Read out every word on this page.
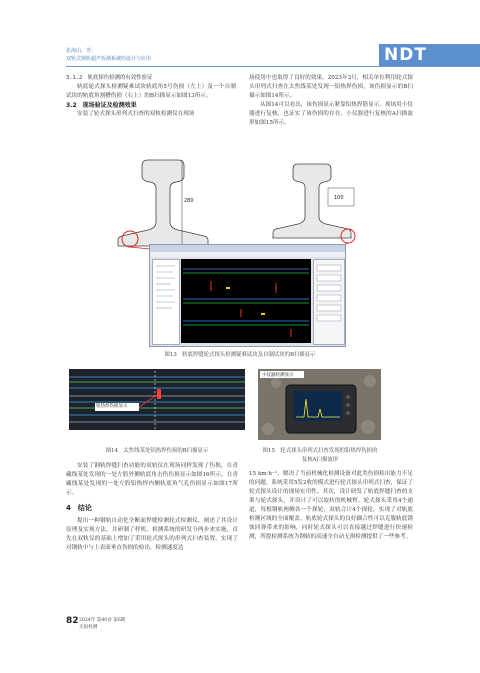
张海山，等：
双轨式钢轨超声检测系统的设计与应用	NDT
3.1.2　轨底探伤检测的有效性验证

轨底轮式探头检测疑难试块轨底角5号伤损（左上）及一个自制试块的轨底角割槽伤损（右上）的B扫描显示如图13所示。

3.2　现场验证及检测效果

安装了轮式探头串列式扫查的双轨检测仪在现场

场使用中也取得了良好的效果。2023年3月，相关单位利用轮式探头串列式扫查在太焦线某处发现一铝热焊伤损，该伤损显示的B扫描示如图14所示。

从图14可以看出，该伤损显示紧靠铝热焊筋显示。现场用小仪器进行复核，也证实了该伤损的存在，小仪器进行复核的A扫描波形如图15所示。

280	100
图13　轨底焊缝轮式探头检测疑难试块及自制试块的B扫描显示
铝热焊伤损显示
图14　太焦线某处铝热焊伤损的B扫描显示
小仪器检测显示
图15　轮式探头串列式扫查发现的铝热焊伤损的
复核A扫描波形

安装了钢轨焊缝扫查功能的双轨仪在现场同样发现了伤损，在青藏线某处发现的一处左股外侧轨底角击伤伤损显示如图16所示，在青藏线某处发现的一处左股铝热焊内侧轨底角气孔伤损显示如图17所示。

4　结论

提出一种钢轨自动化全断面焊缝检测轮式检测仪，阐述了其设计原理及实现方法，并研制了样机。检测系统的研发分两步来实施，首先在双轨仪的基础上增加了采用轮式探头的串列式扫查装置，实现了对钢轨中与上表面垂直伤损的检出，检测速度达

15 km·h⁻¹，解决了当前机械化检测设备对此类伤损检出能力不足的问题。系统采用5发2收的模式进行轮式探头串列式扫查，保证了轮式探头设计的现场实用性。其次，设计研发了轨底焊缝扫查的支架与轮式探头，并设计了可以旋转的机械臂。轮式探头采用4个通道，每根钢轨两侧各一个探轮，双轨合计4个探轮，实现了对轨底检测区域的全面覆盖。轨底轮式探头的良好耦合性可以克服轨底锈蚀回弹带来的影响，同时轮式探头可以直接越过焊缝进行快速检测，所提检测系统为钢轨的高速全自动无损检测提供了一些参考。

82 2024年 第46卷 第6期
无损检测
